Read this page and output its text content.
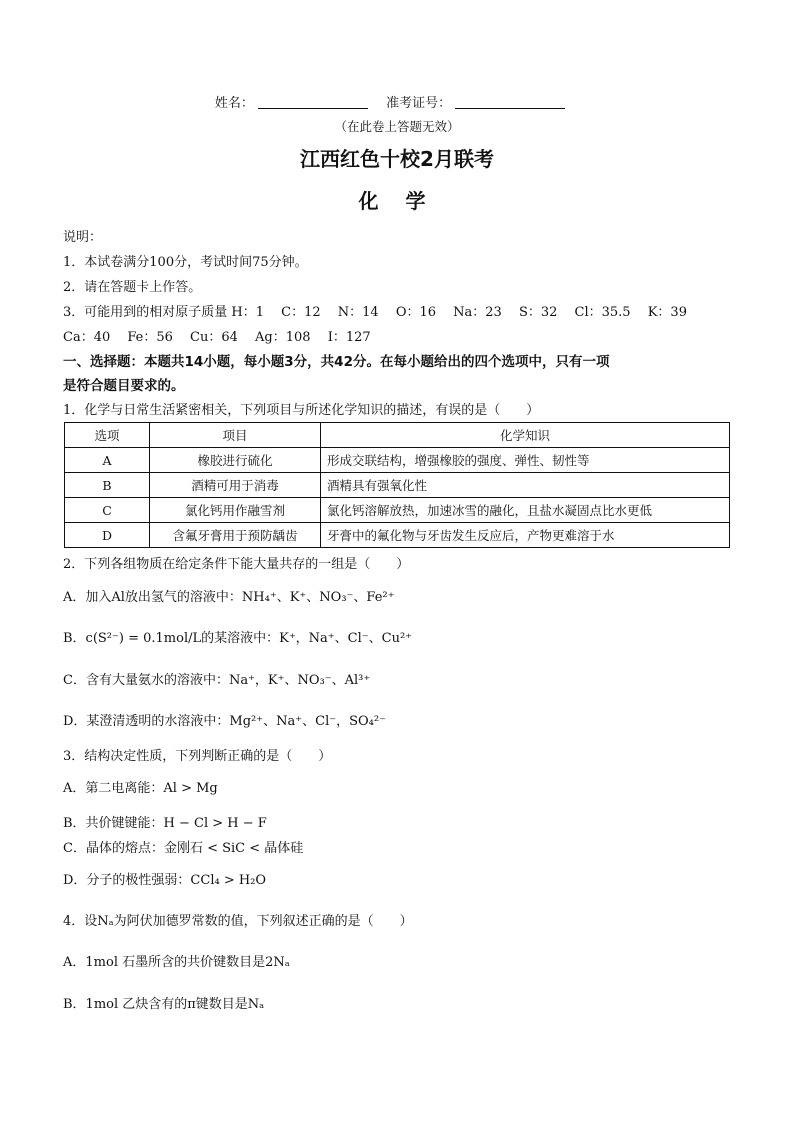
姓名：	准考证号：
（在此卷上答题无效）
江西红色十校2月联考
化 学
说明：
1．本试卷满分100分，考试时间75分钟。
2．请在答题卡上作答。
3．可能用到的相对原子质量 H：1　 C：12　 N：14　 O：16　 Na：23　 S：32　 Cl：35.5　 K：39
Ca：40　 Fe：56　 Cu：64　 Ag：108　 I：127
一、选择题：本题共14小题，每小题3分，共42分。在每小题给出的四个选项中，只有一项
是符合题目要求的。
1．化学与日常生活紧密相关，下列项目与所述化学知识的描述，有误的是（　　）
选项	项目	化学知识
A	橡胶进行硫化	形成交联结构，增强橡胶的强度、弹性、韧性等
B	酒精可用于消毒	酒精具有强氧化性
C	氯化钙用作融雪剂	氯化钙溶解放热，加速冰雪的融化，且盐水凝固点比水更低
D	含氟牙膏用于预防龋齿	牙膏中的氟化物与牙齿发生反应后，产物更难溶于水
2．下列各组物质在给定条件下能大量共存的一组是（　　）
A．加入Al放出氢气的溶液中：NH₄⁺、K⁺、NO₃⁻、Fe²⁺
B．c(S²⁻) = 0.1mol/L的某溶液中：K⁺，Na⁺、Cl⁻、Cu²⁺
C．含有大量氨水的溶液中：Na⁺，K⁺、NO₃⁻、Al³⁺
D．某澄清透明的水溶液中：Mg²⁺、Na⁺、Cl⁻，SO₄²⁻
3．结构决定性质，下列判断正确的是（　　）
A．第二电离能：Al > Mg
B．共价键键能：H − Cl > H − F
C．晶体的熔点：金刚石 < SiC < 晶体硅
D．分子的极性强弱：CCl₄ > H₂O
4．设Nₐ为阿伏加德罗常数的值，下列叙述正确的是（　　）
A．1mol 石墨所含的共价键数目是2Nₐ
B．1mol 乙炔含有的π键数目是Nₐ
